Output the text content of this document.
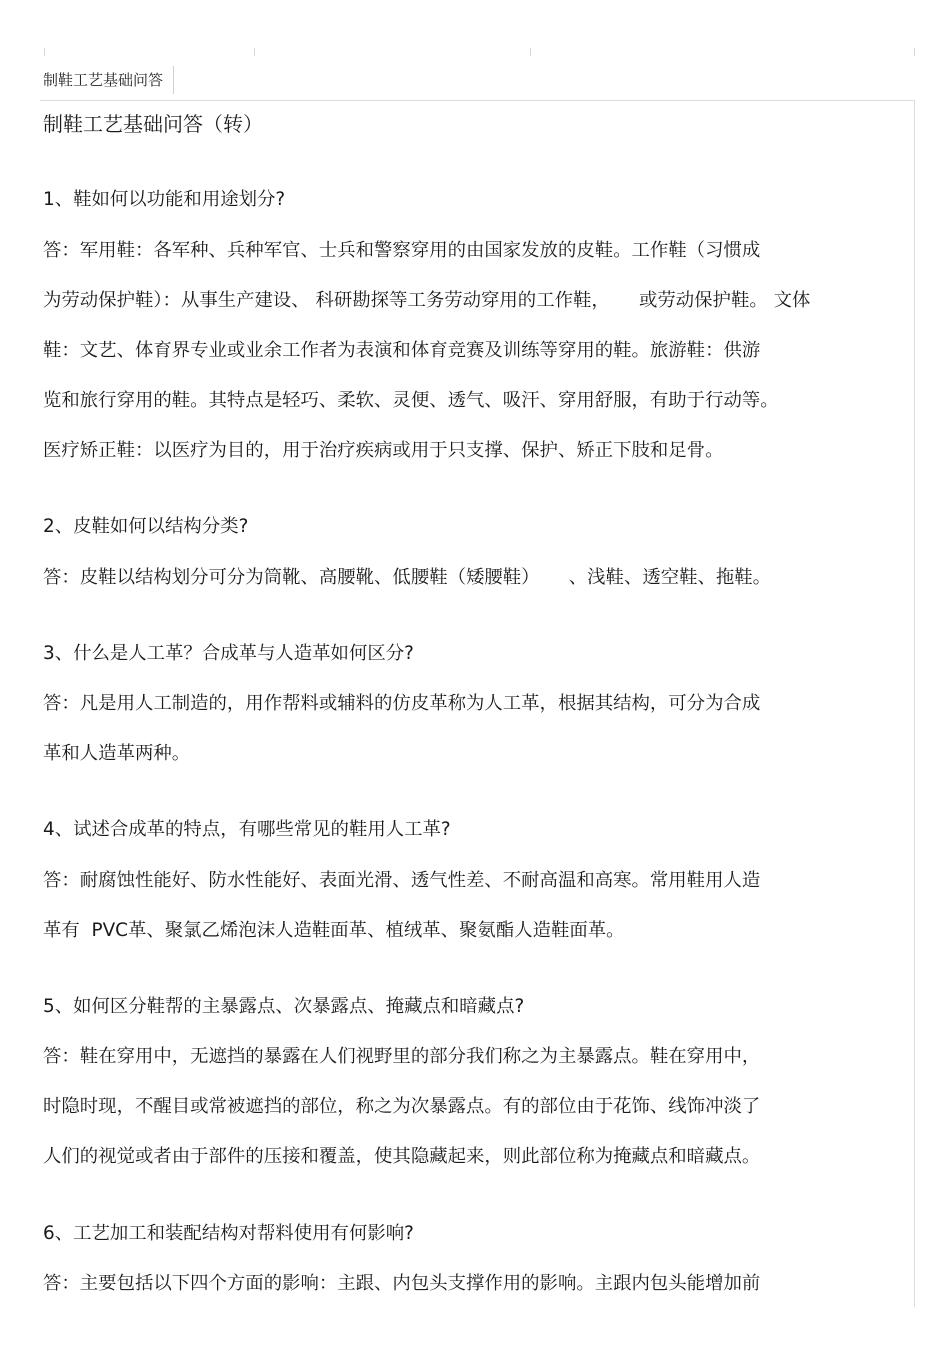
制鞋工艺基础问答
制鞋工艺基础问答（转）
1、鞋如何以功能和用途划分?
答：军用鞋：各军种、兵种军官、士兵和警察穿用的由国家发放的皮鞋。工作鞋（习惯成
为劳动保护鞋）：从事生产建设、 科研勘探等工务劳动穿用的工作鞋，     或劳动保护鞋。 文体
鞋：文艺、体育界专业或业余工作者为表演和体育竞赛及训练等穿用的鞋。旅游鞋：供游
览和旅行穿用的鞋。其特点是轻巧、柔软、灵便、透气、吸汗、穿用舒服，有助于行动等。
医疗矫正鞋：以医疗为目的，用于治疗疾病或用于只支撑、保护、矫正下肢和足骨。
2、皮鞋如何以结构分类?
答：皮鞋以结构划分可分为筒靴、高腰靴、低腰鞋（矮腰鞋）     、浅鞋、透空鞋、拖鞋。
3、什么是人工革？合成革与人造革如何区分?
答：凡是用人工制造的，用作帮料或辅料的仿皮革称为人工革，根据其结构，可分为合成
革和人造革两种。
4、试述合成革的特点，有哪些常见的鞋用人工革?
答：耐腐蚀性能好、防水性能好、表面光滑、透气性差、不耐高温和高寒。常用鞋用人造
革有  PVC革、聚氯乙烯泡沫人造鞋面革、植绒革、聚氨酯人造鞋面革。
5、如何区分鞋帮的主暴露点、次暴露点、掩藏点和暗藏点?
答：鞋在穿用中，无遮挡的暴露在人们视野里的部分我们称之为主暴露点。鞋在穿用中，
时隐时现，不醒目或常被遮挡的部位，称之为次暴露点。有的部位由于花饰、线饰冲淡了
人们的视觉或者由于部件的压接和覆盖，使其隐藏起来，则此部位称为掩藏点和暗藏点。
6、工艺加工和装配结构对帮料使用有何影响?
答：主要包括以下四个方面的影响：主跟、内包头支撑作用的影响。主跟内包头能增加前
